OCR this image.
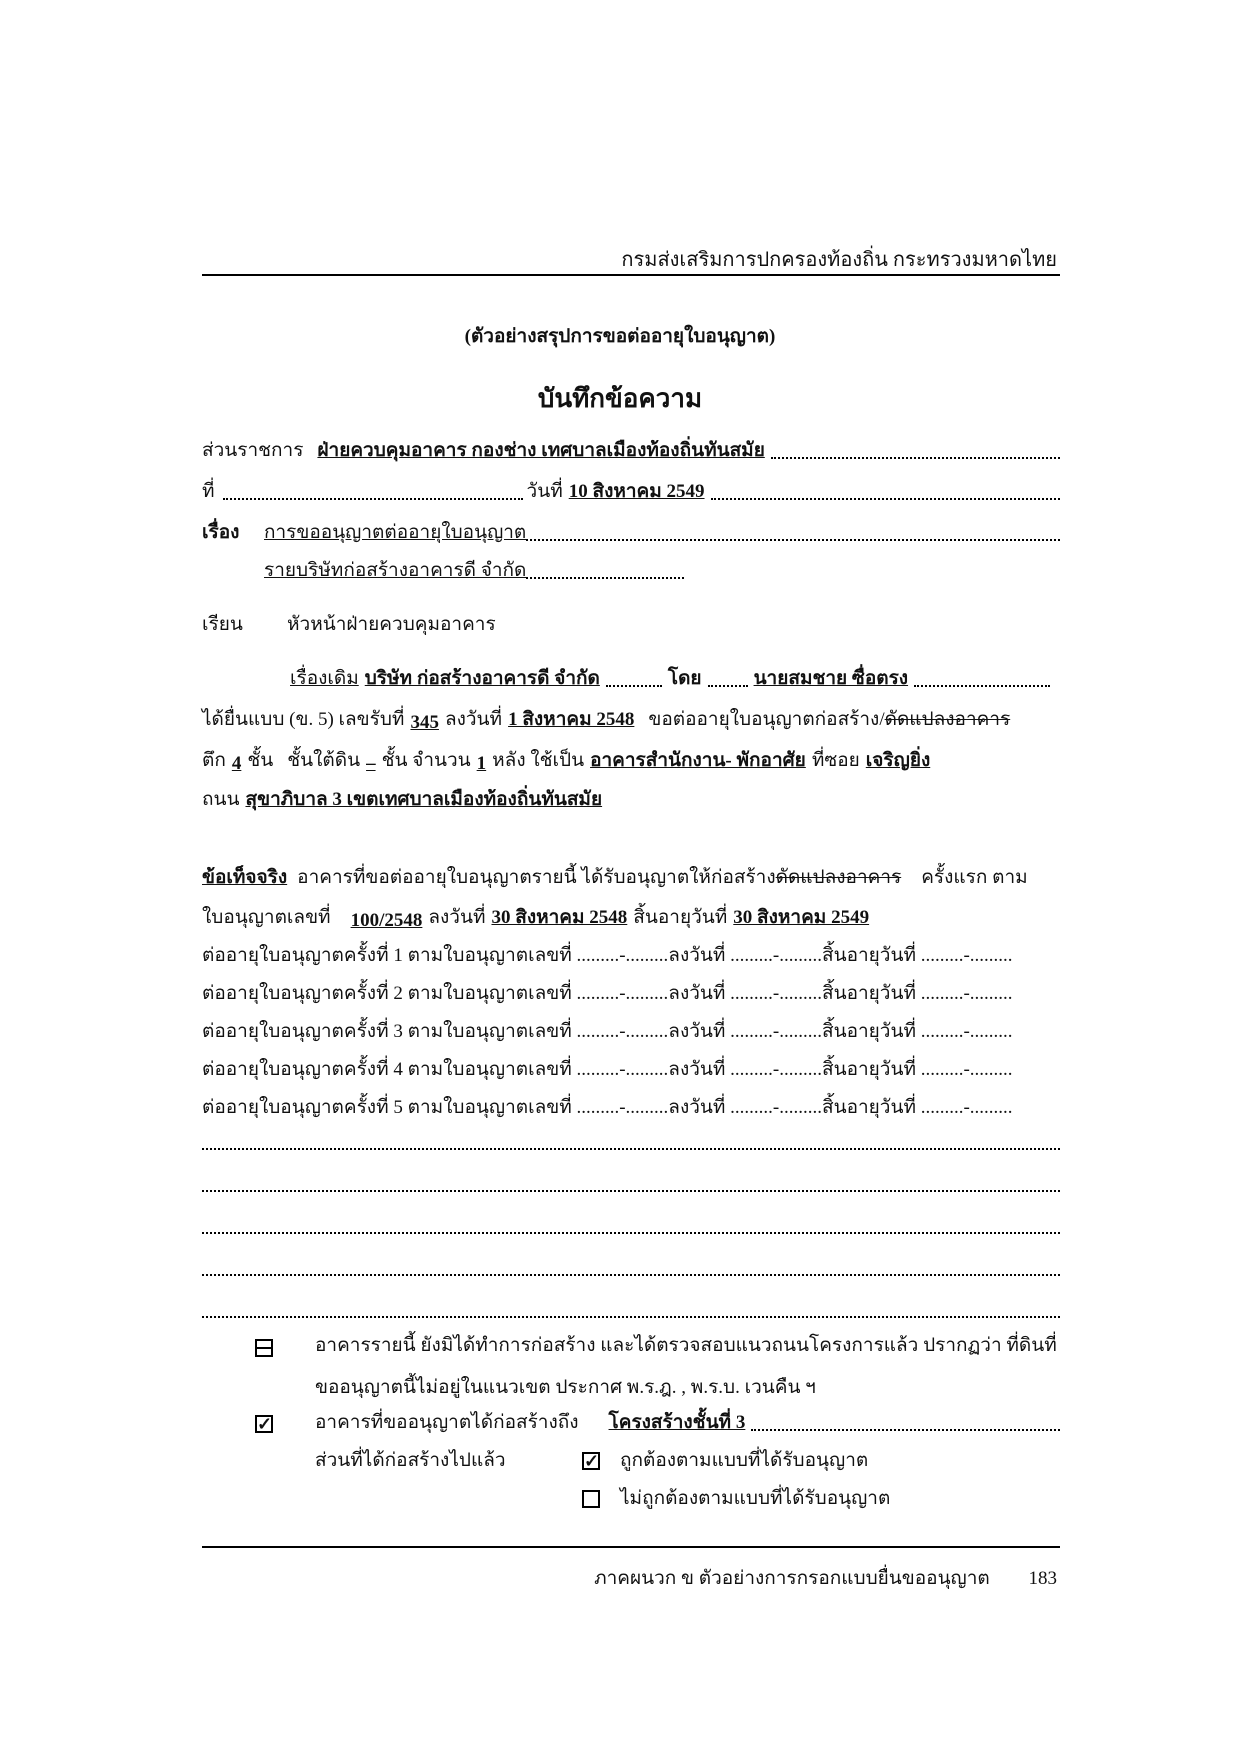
กรมส่งเสริมการปกครองท้องถิ่น กระทรวงมหาดไทย
(ตัวอย่างสรุปการขอต่ออายุใบอนุญาต)
บันทึกข้อความ
ส่วนราชการ ฝ่ายควบคุมอาคาร กองช่าง เทศบาลเมืองท้องถิ่นทันสมัย
ที่	วันที่ 10 สิงหาคม 2549
เรื่อง	การขออนุญาตต่ออายุใบอนุญาต
รายบริษัทก่อสร้างอาคารดี จำกัด
เรียน	หัวหน้าฝ่ายควบคุมอาคาร
เรื่องเดิม บริษัท ก่อสร้างอาคารดี จำกัด	โดย	นายสมชาย ซื่อตรง
ได้ยื่นแบบ (ข. 5) เลขรับที่ 345 ลงวันที่ 1 สิงหาคม 2548 ขอต่ออายุใบอนุญาตก่อสร้าง/ ดัดแปลงอาคาร
ตึก 4 ชั้น ชั้นใต้ดิน – ชั้น จำนวน 1 หลัง ใช้เป็น อาคารสำนักงาน- พักอาศัย ที่ซอย เจริญยิ่ง
ถนน สุขาภิบาล 3 เขตเทศบาลเมืองท้องถิ่นทันสมัย
ข้อเท็จจริง อาคารที่ขอต่ออายุใบอนุญาตรายนี้ ได้รับอนุญาตให้ก่อสร้าง ดัดแปลงอาคาร ครั้งแรก ตาม
ใบอนุญาตเลขที่ 100/2548 ลงวันที่ 30 สิงหาคม 2548 สิ้นอายุวันที่ 30 สิงหาคม 2549
ต่ออายุใบอนุญาตครั้งที่ 1 ตามใบอนุญาตเลขที่ .........-.........ลงวันที่ .........-.........สิ้นอายุวันที่ .........-.........
ต่ออายุใบอนุญาตครั้งที่ 2 ตามใบอนุญาตเลขที่ .........-.........ลงวันที่ .........-.........สิ้นอายุวันที่ .........-.........
ต่ออายุใบอนุญาตครั้งที่ 3 ตามใบอนุญาตเลขที่ .........-.........ลงวันที่ .........-.........สิ้นอายุวันที่ .........-.........
ต่ออายุใบอนุญาตครั้งที่ 4 ตามใบอนุญาตเลขที่ .........-.........ลงวันที่ .........-.........สิ้นอายุวันที่ .........-.........
ต่ออายุใบอนุญาตครั้งที่ 5 ตามใบอนุญาตเลขที่ .........-.........ลงวันที่ .........-.........สิ้นอายุวันที่ .........-.........
อาคารรายนี้ ยังมิได้ทำการก่อสร้าง และได้ตรวจสอบแนวถนนโครงการแล้ว ปรากฏว่า ที่ดินที่
ขออนุญาตนี้ไม่อยู่ในแนวเขต ประกาศ พ.ร.ฎ. , พ.ร.บ. เวนคืน ฯ
✓ อาคารที่ขออนุญาตได้ก่อสร้างถึง โครงสร้างชั้นที่ 3
ส่วนที่ได้ก่อสร้างไปแล้ว	✓ ถูกต้องตามแบบที่ได้รับอนุญาต
ไม่ถูกต้องตามแบบที่ได้รับอนุญาต
ภาคผนวก ข ตัวอย่างการกรอกแบบยื่นขออนุญาต 183
